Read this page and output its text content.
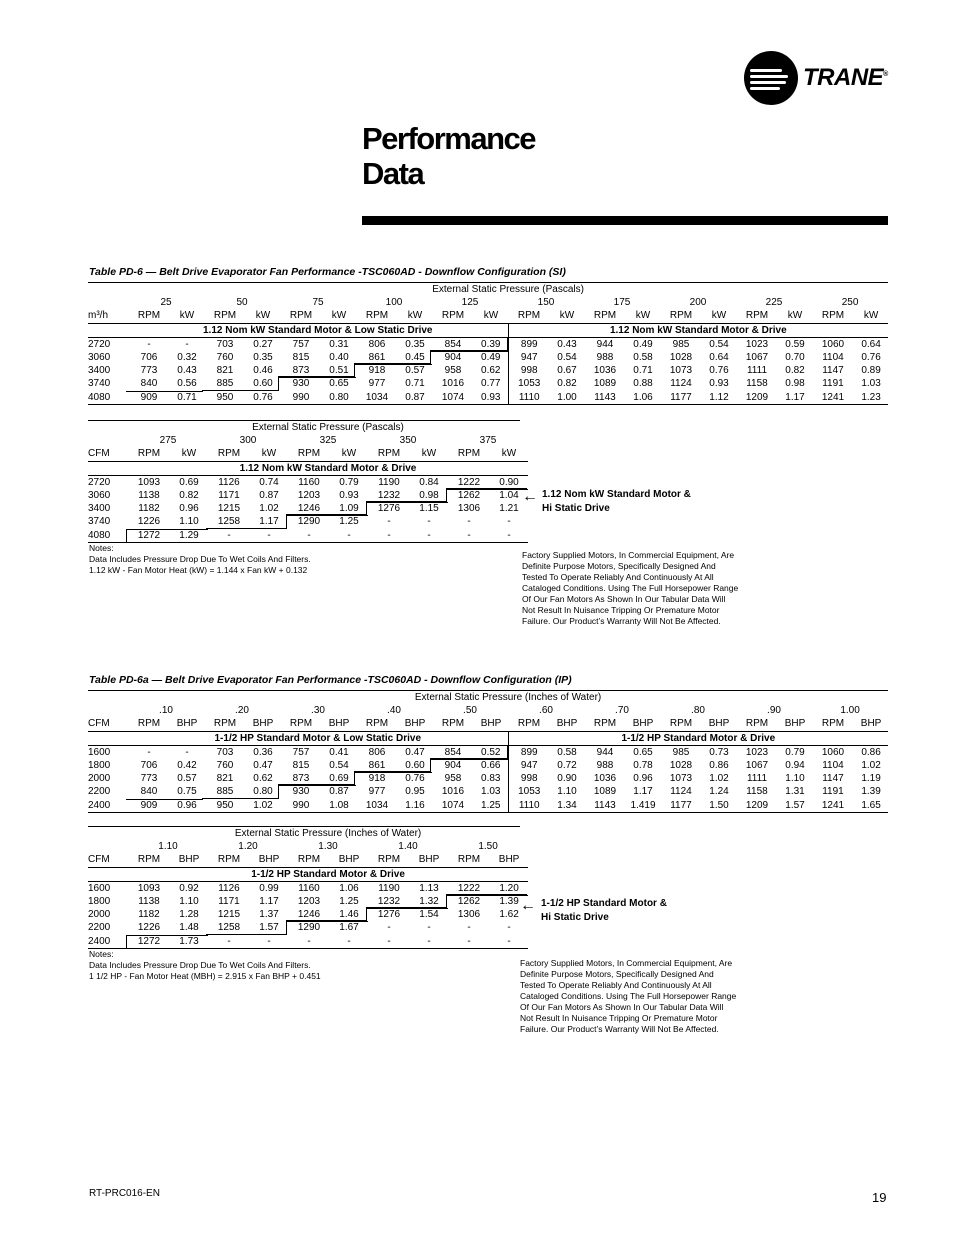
TRANE®
Performance
Data
Table PD-6 — Belt Drive Evaporator Fan Performance -TSC060AD - Downflow Configuration (SI)
	External Static Pressure (Pascals)																			
	25		50		75		100		125		150		175		200		225		250	
m³/h	RPM	kW	RPM	kW	RPM	kW	RPM	kW	RPM	kW	RPM	kW	RPM	kW	RPM	kW	RPM	kW	RPM	kW
	1.12 Nom kW Standard Motor & Low Static Drive										1.12 Nom kW Standard Motor & Drive									
2720	-	-	703	0.27	757	0.31	806	0.35	854	0.39	899	0.43	944	0.49	985	0.54	1023	0.59	1060	0.64
3060	706	0.32	760	0.35	815	0.40	861	0.45	904	0.49	947	0.54	988	0.58	1028	0.64	1067	0.70	1104	0.76
3400	773	0.43	821	0.46	873	0.51	918	0.57	958	0.62	998	0.67	1036	0.71	1073	0.76	1111	0.82	1147	0.89
3740	840	0.56	885	0.60	930	0.65	977	0.71	1016	0.77	1053	0.82	1089	0.88	1124	0.93	1158	0.98	1191	1.03
4080	909	0.71	950	0.76	990	0.80	1034	0.87	1074	0.93	1110	1.00	1143	1.06	1177	1.12	1209	1.17	1241	1.23
	External Static Pressure (Pascals)									
	275		300		325		350		375	
CFM	RPM	kW	RPM	kW	RPM	kW	RPM	kW	RPM	kW
	1.12 Nom kW Standard Motor & Drive									
2720	1093	0.69	1126	0.74	1160	0.79	1190	0.84	1222	0.90
3060	1138	0.82	1171	0.87	1203	0.93	1232	0.98	1262	1.04
3400	1182	0.96	1215	1.02	1246	1.09	1276	1.15	1306	1.21
3740	1226	1.10	1258	1.17	1290	1.25	-	-	-	-
4080	1272	1.29	-	-	-	-	-	-	-	-
← 1.12 Nom kW Standard Motor &
Hi Static Drive
Notes:
Data Includes Pressure Drop Due To Wet Coils And Filters.
1.12 kW - Fan Motor Heat (kW) = 1.144 x Fan kW + 0.132
Factory Supplied Motors, In Commercial Equipment, Are
Definite Purpose Motors, Specifically Designed And
Tested To Operate Reliably And Continuously At All
Cataloged Conditions. Using The Full Horsepower Range
Of Our Fan Motors As Shown In Our Tabular Data Will
Not Result In Nuisance Tripping Or Premature Motor
Failure. Our Product’s Warranty Will Not Be Affected.
Table PD-6a — Belt Drive Evaporator Fan Performance -TSC060AD - Downflow Configuration (IP)
	External Static Pressure (Inches of Water)																			
	.10		.20		.30		.40		.50		.60		.70		.80		.90		1.00	
CFM	RPM	BHP	RPM	BHP	RPM	BHP	RPM	BHP	RPM	BHP	RPM	BHP	RPM	BHP	RPM	BHP	RPM	BHP	RPM	BHP
	1-1/2 HP Standard Motor & Low Static Drive										1-1/2 HP Standard Motor & Drive									
1600	-	-	703	0.36	757	0.41	806	0.47	854	0.52	899	0.58	944	0.65	985	0.73	1023	0.79	1060	0.86
1800	706	0.42	760	0.47	815	0.54	861	0.60	904	0.66	947	0.72	988	0.78	1028	0.86	1067	0.94	1104	1.02
2000	773	0.57	821	0.62	873	0.69	918	0.76	958	0.83	998	0.90	1036	0.96	1073	1.02	1111	1.10	1147	1.19
2200	840	0.75	885	0.80	930	0.87	977	0.95	1016	1.03	1053	1.10	1089	1.17	1124	1.24	1158	1.31	1191	1.39
2400	909	0.96	950	1.02	990	1.08	1034	1.16	1074	1.25	1110	1.34	1143	1.419	1177	1.50	1209	1.57	1241	1.65
	External Static Pressure (Inches of Water)									
	1.10		1.20		1.30		1.40		1.50	
CFM	RPM	BHP	RPM	BHP	RPM	BHP	RPM	BHP	RPM	BHP
	1-1/2 HP Standard Motor & Drive									
1600	1093	0.92	1126	0.99	1160	1.06	1190	1.13	1222	1.20
1800	1138	1.10	1171	1.17	1203	1.25	1232	1.32	1262	1.39
2000	1182	1.28	1215	1.37	1246	1.46	1276	1.54	1306	1.62
2200	1226	1.48	1258	1.57	1290	1.67	-	-	-	-
2400	1272	1.73	-	-	-	-	-	-	-	-
← 1-1/2 HP Standard Motor &
Hi Static Drive
Notes:
Data Includes Pressure Drop Due To Wet Coils And Filters.
1 1/2 HP - Fan Motor Heat (MBH) = 2.915 x Fan BHP + 0.451
Factory Supplied Motors, In Commercial Equipment, Are
Definite Purpose Motors, Specifically Designed And
Tested To Operate Reliably And Continuously At All
Cataloged Conditions. Using The Full Horsepower Range
Of Our Fan Motors As Shown In Our Tabular Data Will
Not Result In Nuisance Tripping Or Premature Motor
Failure. Our Product’s Warranty Will Not Be Affected.
RT-PRC016-EN	19
